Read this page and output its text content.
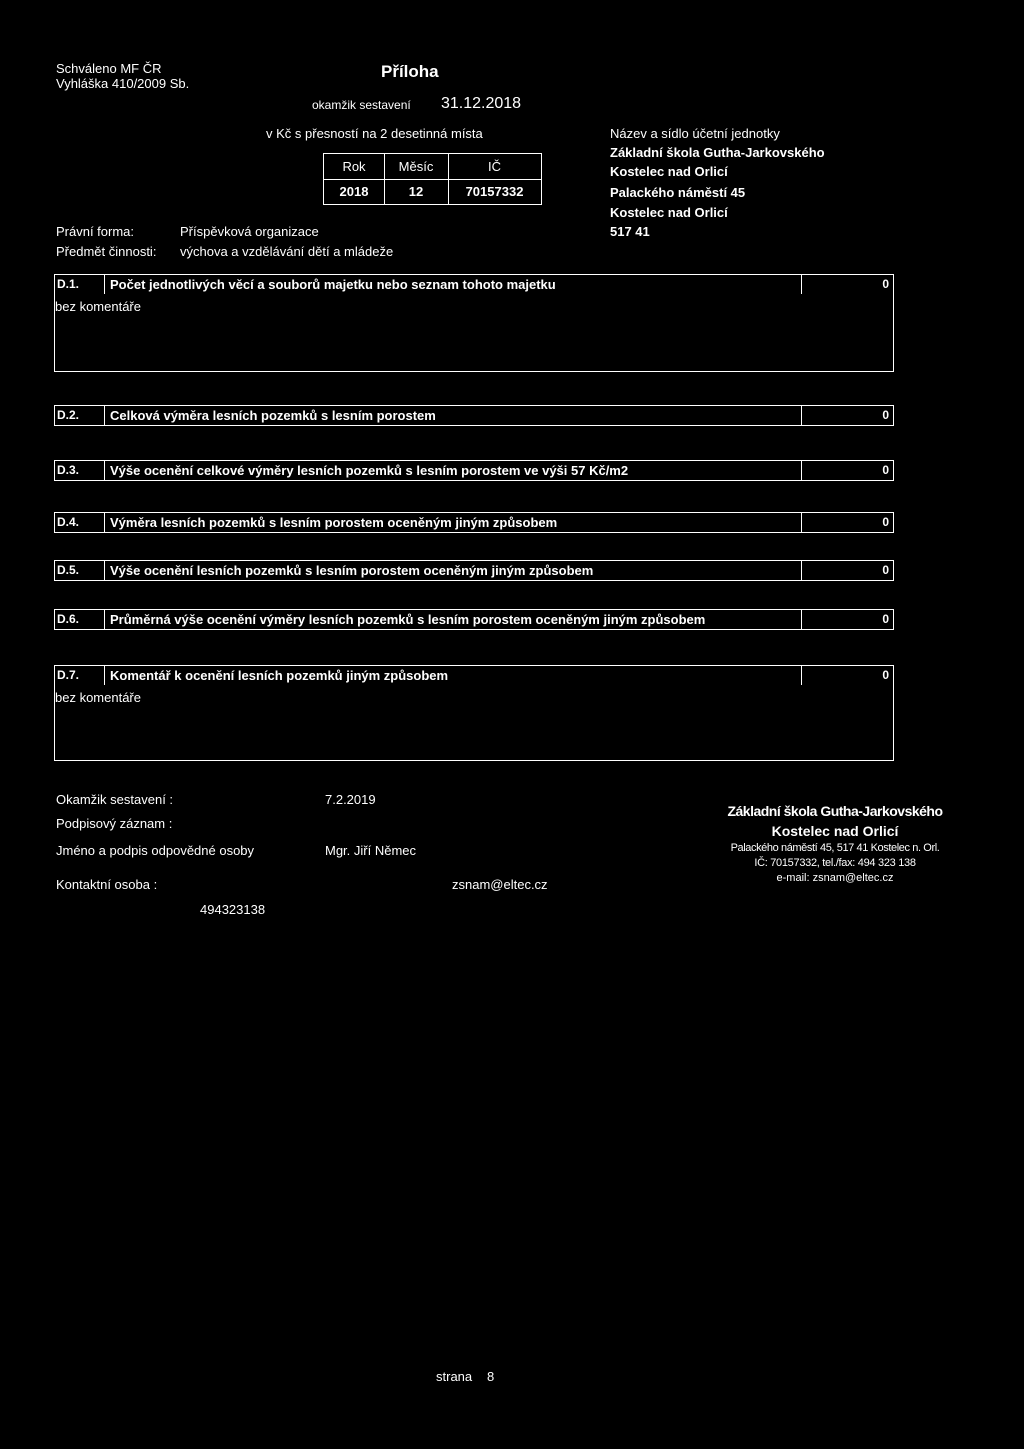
Schváleno MF ČR
Vyhláška 410/2009 Sb.
Příloha
okamžik sestavení 31.12.2018
v Kč s přesností na 2 desetinná místa
Rok	Měsíc	IČ
2018	12	70157332
Právní forma:	Příspěvková organizace
Předmět činnosti: výchova a vzdělávání dětí a mládeže
Název a sídlo účetní jednotky
Základní škola Gutha-Jarkovského
Kostelec nad Orlicí
Palackého náměstí 45
Kostelec nad Orlicí
517 41
D.1. Počet jednotlivých věcí a souborů majetku nebo seznam tohoto majetku	0
bez komentáře
D.2. Celková výměra lesních pozemků s lesním porostem	0
D.3. Výše ocenění celkové výměry lesních pozemků s lesním porostem ve výši 57 Kč/m2	0
D.4. Výměra lesních pozemků s lesním porostem oceněným jiným způsobem	0
D.5. Výše ocenění lesních pozemků s lesním porostem oceněným jiným způsobem	0
D.6. Průměrná výše ocenění výměry lesních pozemků s lesním porostem oceněným jiným způsobem	0
D.7. Komentář k ocenění lesních pozemků jiným způsobem	0
bez komentáře
Okamžik sestavení :	7.2.2019
Podpisový záznam :
Jméno a podpis odpovědné osoby	Mgr. Jiří Němec
Kontaktní osoba :	zsnam@eltec.cz
494323138
Základní škola Gutha-Jarkovského
Kostelec nad Orlicí
Palackého náměstí 45, 517 41 Kostelec n. Orl.
IČ: 70157332, tel./fax: 494 323 138
e-mail: zsnam@eltec.cz
strana 8
